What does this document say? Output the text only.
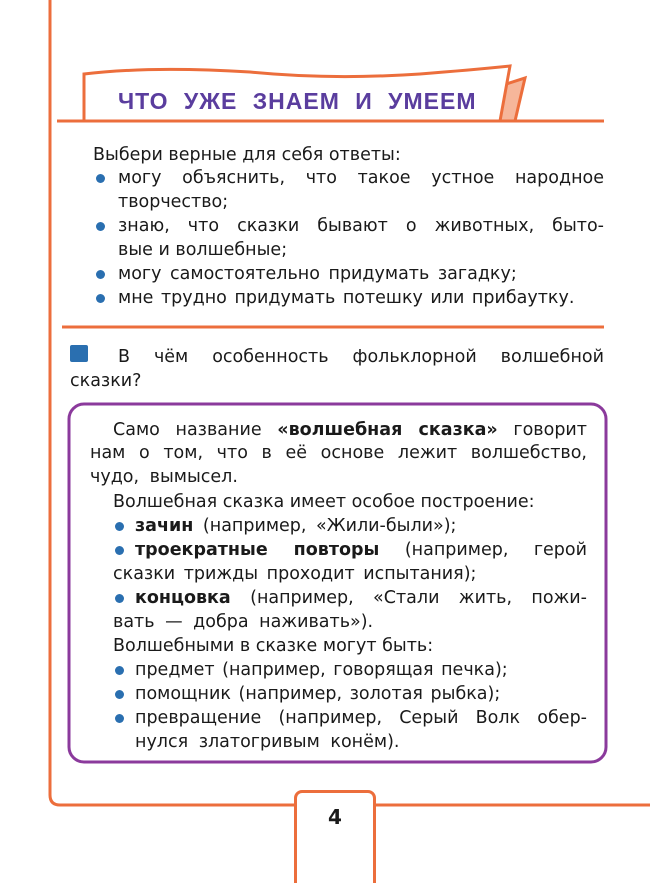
ЧТО УЖЕ ЗНАЕМ И УМЕЕМ
Выбери верные для себя ответы:
могу объяснить, что такое устное народное
творчество;
знаю, что сказки бывают о животных, быто-
вые и волшебные;
могу самостоятельно придумать загадку;
мне трудно придумать потешку или прибаутку.
В чём особенность фольклорной волшебной
сказки?
Само название «волшебная сказка» говорит
нам о том, что в её основе лежит волшебство,
чудо, вымысел.
Волшебная сказка имеет особое построение:
зачин (например, «Жили-были»);
троекратные повторы (например, герой
сказки трижды проходит испытания);
концовка (например, «Стали жить, пожи-
вать — добра наживать»).
Волшебными в сказке могут быть:
предмет (например, говорящая печка);
помощник (например, золотая рыбка);
превращение (например, Серый Волк обер-
нулся златогривым конём).
4
